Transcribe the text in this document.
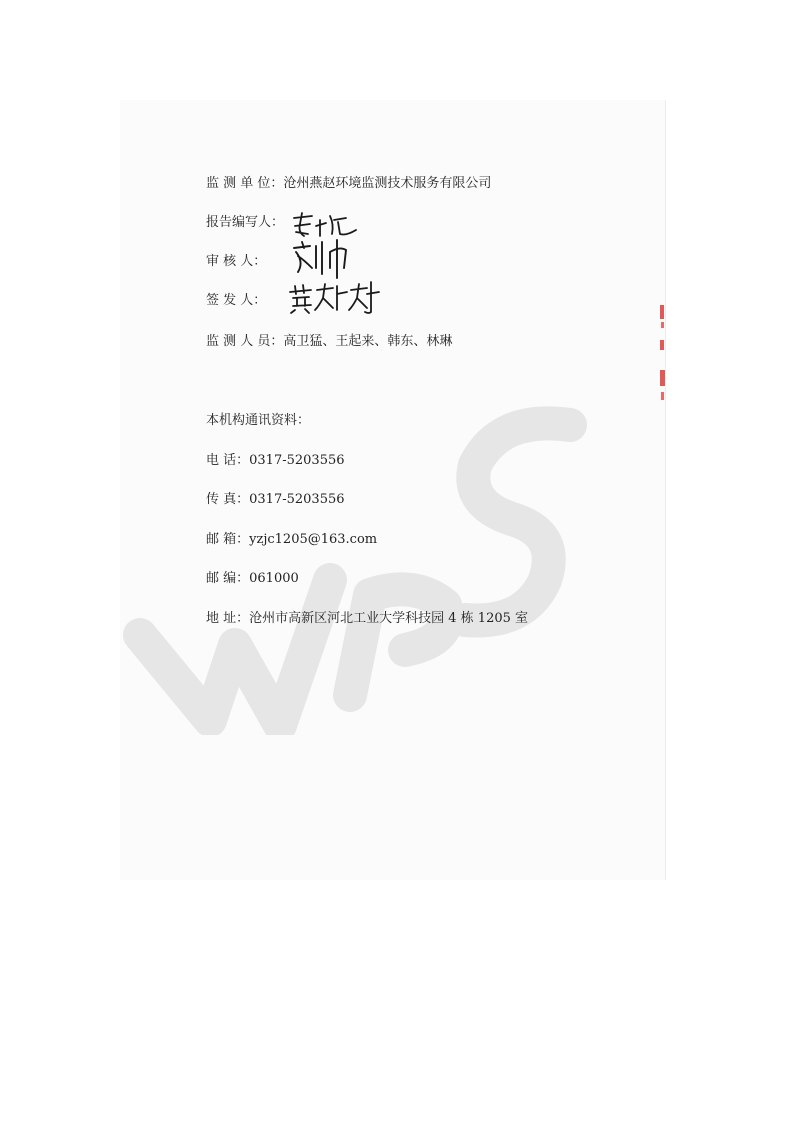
监 测 单 位：沧州燕赵环境监测技术服务有限公司
报告编写人：
审 核 人：
签 发 人：
监 测 人 员：高卫猛、王起来、韩东、林琳
本机构通讯资料：
电 话：0317-5203556
传 真：0317-5203556
邮 箱：yzjc1205@163.com
邮 编：061000
地 址：沧州市高新区河北工业大学科技园 4 栋 1205 室
